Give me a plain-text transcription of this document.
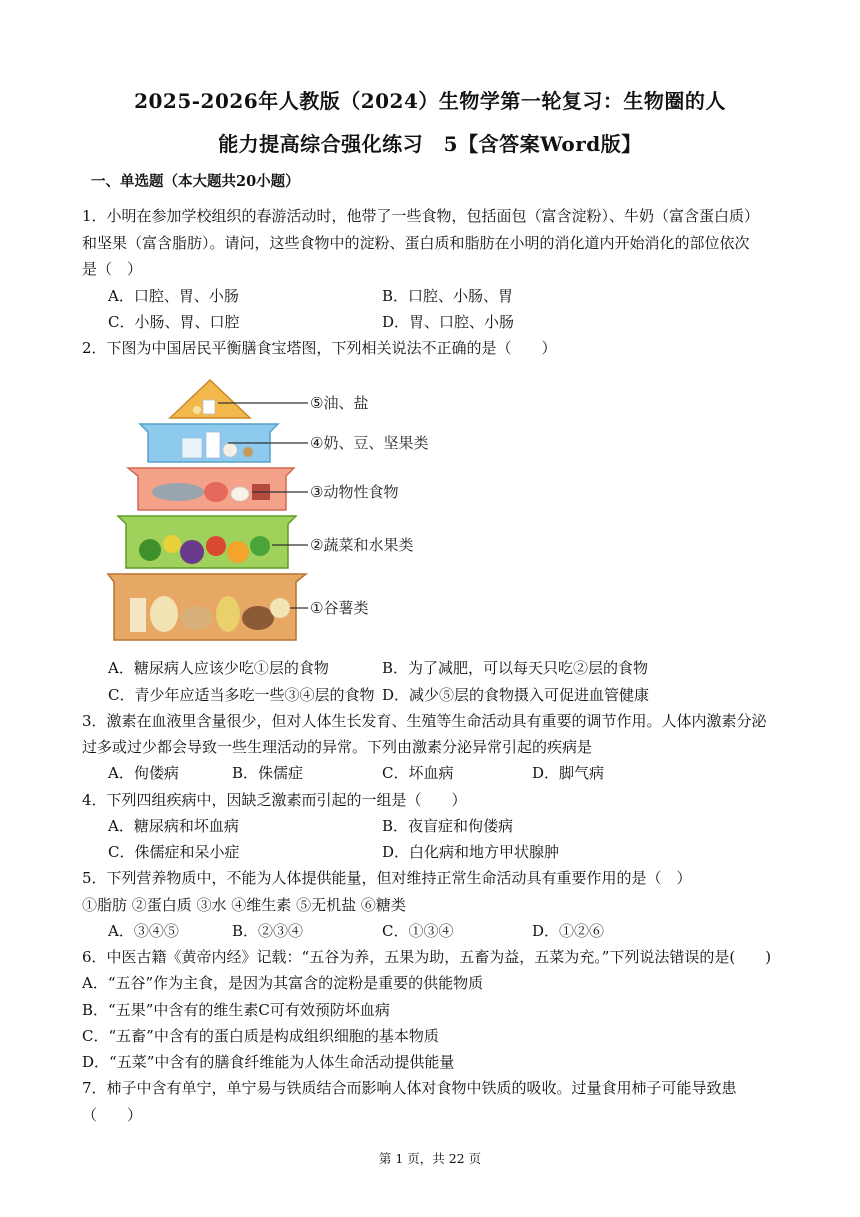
2025-2026年人教版（2024）生物学第一轮复习：生物圈的人
能力提高综合强化练习　5【含答案Word版】
一、单选题（本大题共20小题）
1．小明在参加学校组织的春游活动时，他带了一些食物，包括面包（富含淀粉）、牛奶（富含蛋白质）
和坚果（富含脂肪）。请问，这些食物中的淀粉、蛋白质和脂肪在小明的消化道内开始消化的部位依次
是（　）
A．口腔、胃、小肠	B．口腔、小肠、胃
C．小肠、胃、口腔	D．胃、口腔、小肠
2．下图为中国居民平衡膳食宝塔图，下列相关说法不正确的是（　　）
⑤油、盐
④奶、豆、坚果类
③动物性食物
②蔬菜和水果类
①谷薯类
A．糖尿病人应该少吃①层的食物	B．为了减肥，可以每天只吃②层的食物
C．青少年应适当多吃一些③④层的食物 D．减少⑤层的食物摄入可促进血管健康
3．激素在血液里含量很少，但对人体生长发育、生殖等生命活动具有重要的调节作用。人体内激素分泌
过多或过少都会导致一些生理活动的异常。下列由激素分泌异常引起的疾病是
A．佝偻病	B．侏儒症	C．坏血病	D．脚气病
4．下列四组疾病中，因缺乏激素而引起的一组是（　　）
A．糖尿病和坏血病	B．夜盲症和佝偻病
C．侏儒症和呆小症	D．白化病和地方甲状腺肿
5．下列营养物质中，不能为人体提供能量，但对维持正常生命活动具有重要作用的是（　）
①脂肪 ②蛋白质 ③水 ④维生素 ⑤无机盐 ⑥糖类
A．③④⑤	B．②③④	C．①③④	D．①②⑥
6．中医古籍《黄帝内经》记载：“五谷为养，五果为助，五畜为益，五菜为充。”下列说法错误的是(　　)
A．“五谷”作为主食，是因为其富含的淀粉是重要的供能物质
B．“五果”中含有的维生素C可有效预防坏血病
C．“五畜”中含有的蛋白质是构成组织细胞的基本物质
D．“五菜”中含有的膳食纤维能为人体生命活动提供能量
7．柿子中含有单宁，单宁易与铁质结合而影响人体对食物中铁质的吸收。过量食用柿子可能导致患
（　　）
第 1 页，共 22 页
